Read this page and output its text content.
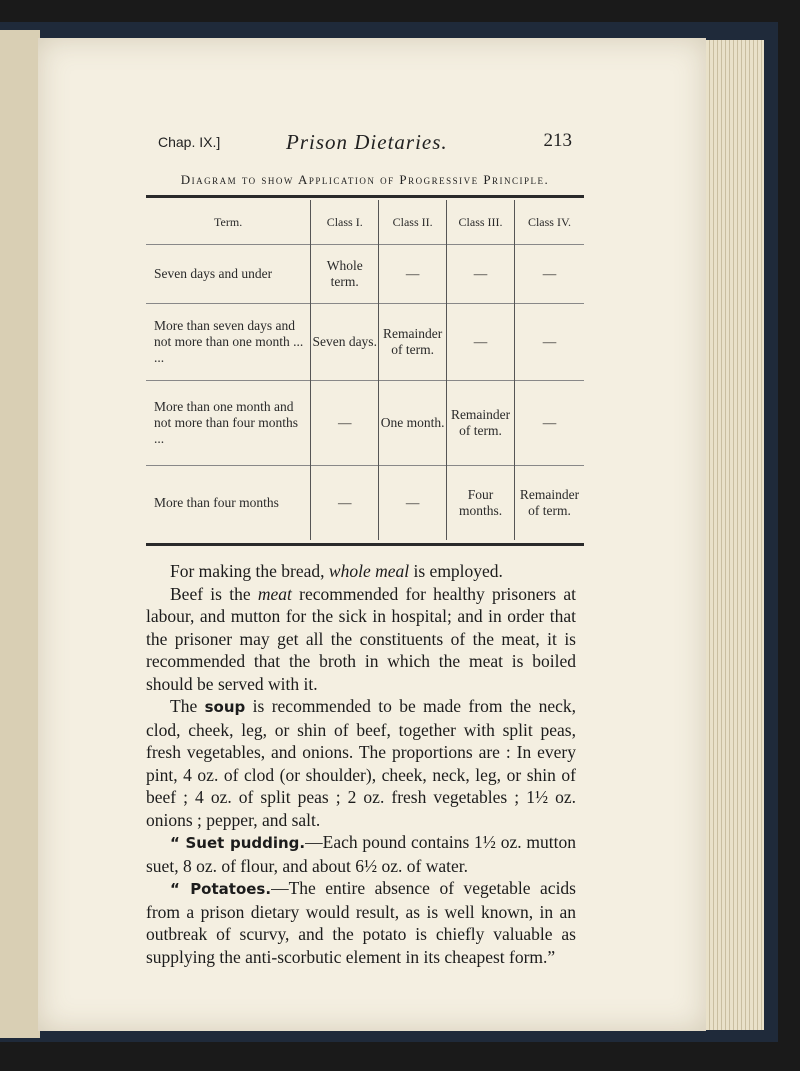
Chap. IX.]	Prison Dietaries.	213
Diagram to show Application of Progressive Principle.
Term.	Class I.	Class II.	Class III.	Class IV.
Seven days and under	Whole term.	—	—	—
More than seven days and not more than one month ... ...	Seven days.	Remainder of term.	—	—
More than one month and not more than four months ...	—	One month.	Remainder of term.	—
More than four months	—	—	Four months.	Remainder of term.

For making the bread, whole meal is employed.

Beef is the meat recommended for healthy prisoners at labour, and mutton for the sick in hospital; and in order that the prisoner may get all the constituents of the meat, it is recommended that the broth in which the meat is boiled should be served with it.

The soup is recommended to be made from the neck, clod, cheek, leg, or shin of beef, together with split peas, fresh vegetables, and onions. The proportions are : In every pint, 4 oz. of clod (or shoulder), cheek, neck, leg, or shin of beef ; 4 oz. of split peas ; 2 oz. fresh vegetables ; 1½ oz. onions ; pepper, and salt.

“ Suet pudding.—Each pound contains 1½ oz. mutton suet, 8 oz. of flour, and about 6½ oz. of water.

“ Potatoes.—The entire absence of vegetable acids from a prison dietary would result, as is well known, in an outbreak of scurvy, and the potato is chiefly valuable as supplying the anti-scorbutic element in its cheapest form.”
